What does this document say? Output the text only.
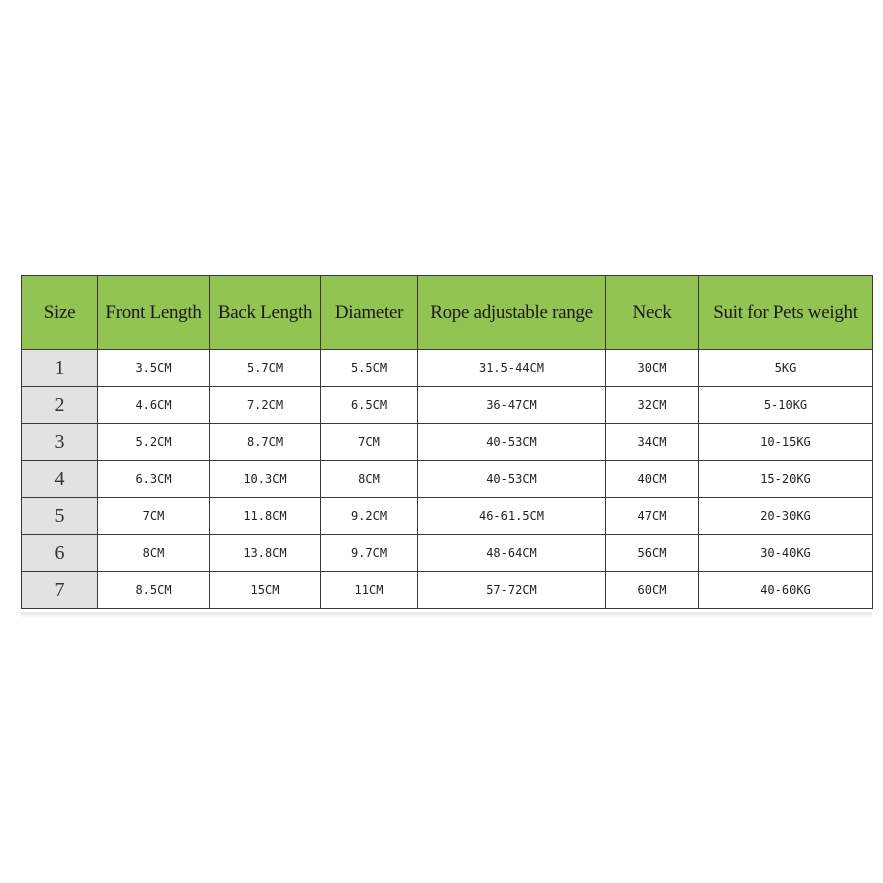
Size	Front Length	Back Length	Diameter	Rope adjustable range	Neck	Suit for Pets weight
1	3.5CM	5.7CM	5.5CM	31.5-44CM	30CM	5KG
2	4.6CM	7.2CM	6.5CM	36-47CM	32CM	5-10KG
3	5.2CM	8.7CM	7CM	40-53CM	34CM	10-15KG
4	6.3CM	10.3CM	8CM	40-53CM	40CM	15-20KG
5	7CM	11.8CM	9.2CM	46-61.5CM	47CM	20-30KG
6	8CM	13.8CM	9.7CM	48-64CM	56CM	30-40KG
7	8.5CM	15CM	11CM	57-72CM	60CM	40-60KG
